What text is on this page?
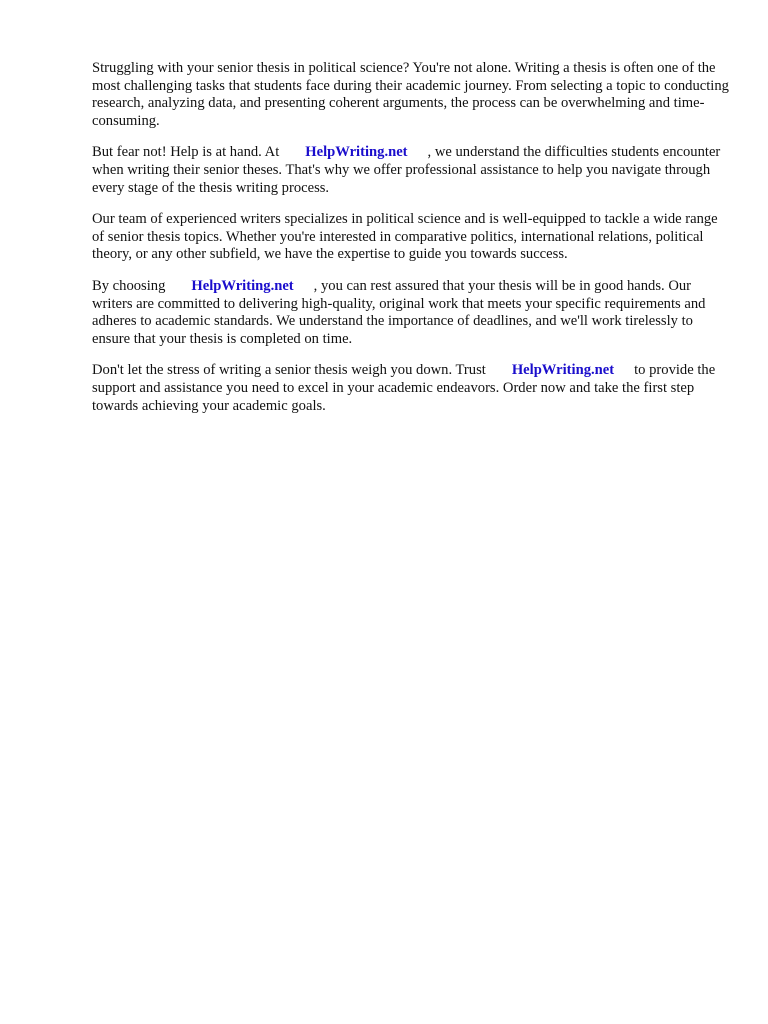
Struggling with your senior thesis in political science? You're not alone. Writing a thesis is often one of the most challenging tasks that students face during their academic journey. From selecting a topic to conducting research, analyzing data, and presenting coherent arguments, the process can be overwhelming and time-consuming.

But fear not! Help is at hand. At HelpWriting.net , we understand the difficulties students encounter when writing their senior theses. That's why we offer professional assistance to help you navigate through every stage of the thesis writing process.

Our team of experienced writers specializes in political science and is well-equipped to tackle a wide range of senior thesis topics. Whether you're interested in comparative politics, international relations, political theory, or any other subfield, we have the expertise to guide you towards success.

By choosing HelpWriting.net , you can rest assured that your thesis will be in good hands. Our writers are committed to delivering high-quality, original work that meets your specific requirements and adheres to academic standards. We understand the importance of deadlines, and we'll work tirelessly to ensure that your thesis is completed on time.

Don't let the stress of writing a senior thesis weigh you down. Trust HelpWriting.net to provide the support and assistance you need to excel in your academic endeavors. Order now and take the first step towards achieving your academic goals.
